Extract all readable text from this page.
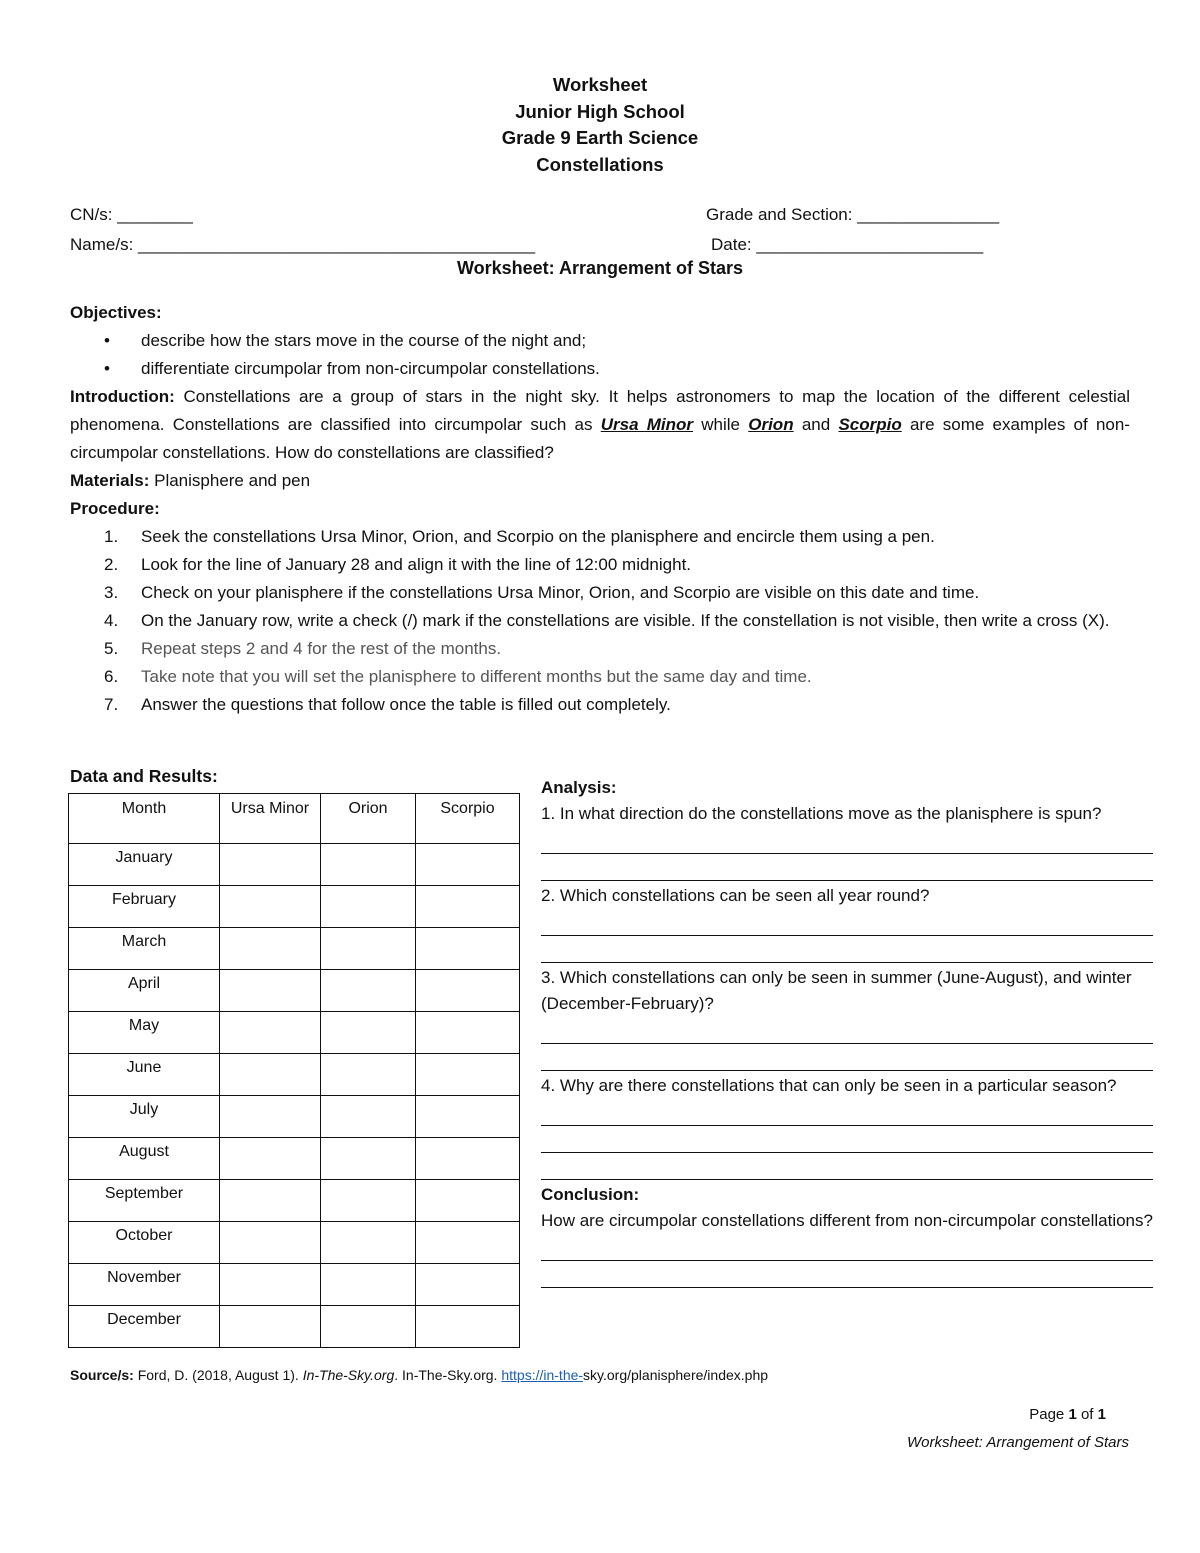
Worksheet
Junior High School
Grade 9 Earth Science
Constellations
CN/s: ________	Grade and Section: _______________
Name/s: __________________________________________	Date: ________________________
Worksheet: Arrangement of Stars
Objectives:
• describe how the stars move in the course of the night and;
• differentiate circumpolar from non-circumpolar constellations.
Introduction: Constellations are a group of stars in the night sky. It helps astronomers to map the location of the different celestial phenomena. Constellations are classified into circumpolar such as Ursa Minor while Orion and Scorpio are some examples of non-circumpolar constellations. How do constellations are classified?
Materials: Planisphere and pen
Procedure:
1. Seek the constellations Ursa Minor, Orion, and Scorpio on the planisphere and encircle them using a pen.
2. Look for the line of January 28 and align it with the line of 12:00 midnight.
3. Check on your planisphere if the constellations Ursa Minor, Orion, and Scorpio are visible on this date and time.
4. On the January row, write a check (/) mark if the constellations are visible. If the constellation is not visible, then write a cross (X).
5. Repeat steps 2 and 4 for the rest of the months.
6. Take note that you will set the planisphere to different months but the same day and time.
7. Answer the questions that follow once the table is filled out completely.
Data and Results:
Month	Ursa Minor	Orion	Scorpio
January			
February			
March			
April			
May			
June			
July			
August			
September			
October			
November			
December			
Analysis:
1. In what direction do the constellations move as the planisphere is spun?
2. Which constellations can be seen all year round?
3. Which constellations can only be seen in summer (June-August), and winter (December-February)?
4. Why are there constellations that can only be seen in a particular season?
Conclusion:
How are circumpolar constellations different from non-circumpolar constellations?
Source/s: Ford, D. (2018, August 1). In-The-Sky.org. In-The-Sky.org. https://in-the-sky.org/planisphere/index.php
Page 1 of 1
Worksheet: Arrangement of Stars
